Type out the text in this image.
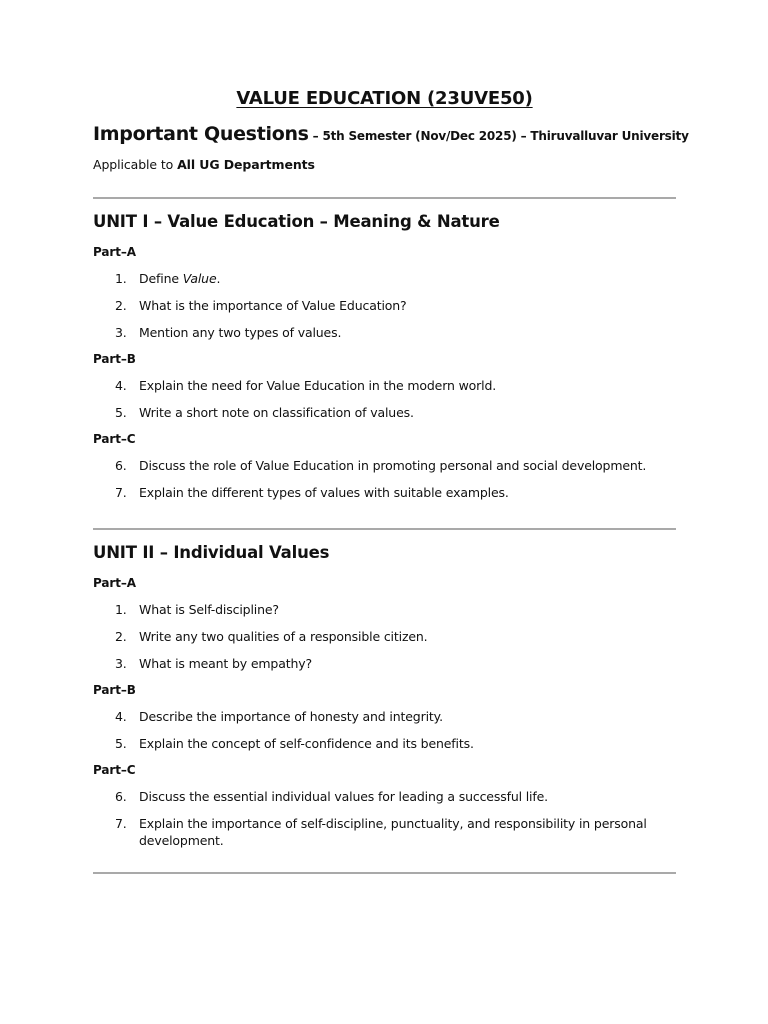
VALUE EDUCATION (23UVE50)
Important Questions – 5th Semester (Nov/Dec 2025) – Thiruvalluvar University
Applicable to All UG Departments
UNIT I – Value Education – Meaning & Nature
Part–A
1. Define Value.
2. What is the importance of Value Education?
3. Mention any two types of values.
Part–B
4. Explain the need for Value Education in the modern world.
5. Write a short note on classification of values.
Part–C
6. Discuss the role of Value Education in promoting personal and social development.
7. Explain the different types of values with suitable examples.
UNIT II – Individual Values
Part–A
1. What is Self-discipline?
2. Write any two qualities of a responsible citizen.
3. What is meant by empathy?
Part–B
4. Describe the importance of honesty and integrity.
5. Explain the concept of self-confidence and its benefits.
Part–C
6. Discuss the essential individual values for leading a successful life.
7. Explain the importance of self-discipline, punctuality, and responsibility in personal development.
